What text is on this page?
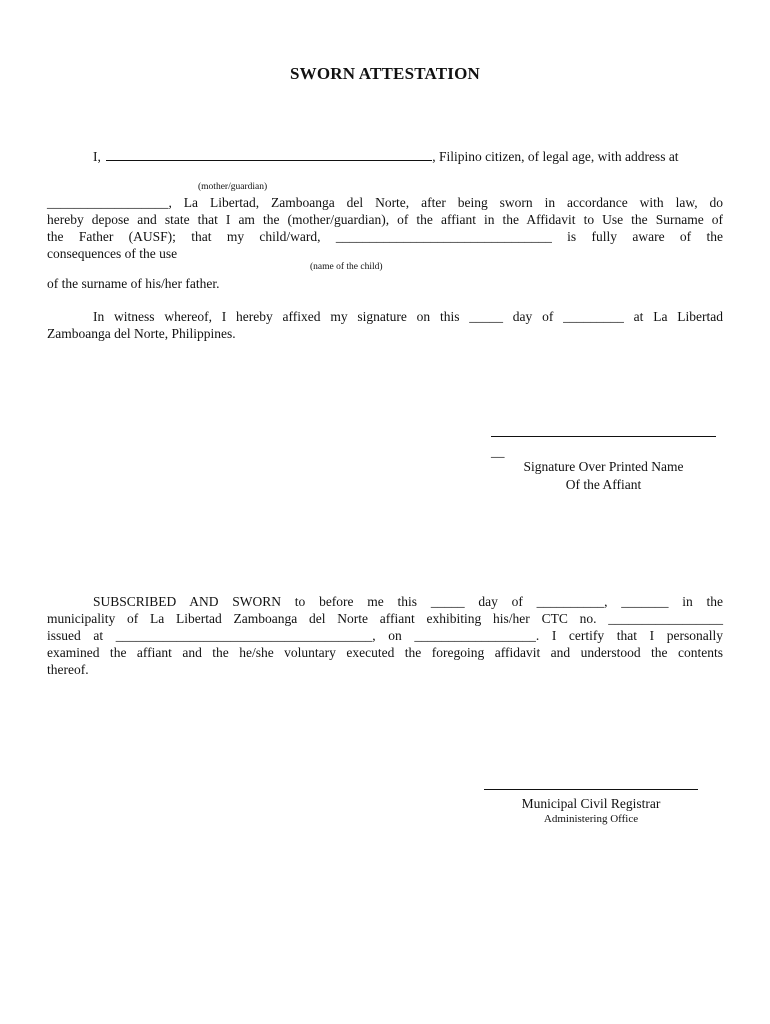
SWORN ATTESTATION
I,	, Filipino citizen, of legal age, with address at
(mother/guardian)
__________________, La Libertad, Zamboanga del Norte, after being sworn in accordance with law, do
hereby depose and state that I am the (mother/guardian), of the affiant in the Affidavit to Use the Surname of
the Father (AUSF); that my child/ward, ________________________________ is fully aware of the
consequences of the use
(name of the child)
of the surname of his/her father.
In witness whereof, I hereby affixed my signature on this _____ day of _________ at La Libertad
Zamboanga del Norte, Philippines.
__
Signature Over Printed Name
Of the Affiant
SUBSCRIBED AND SWORN to before me this _____ day of __________, _______ in the
municipality of La Libertad Zamboanga del Norte affiant exhibiting his/her CTC no. _________________
issued at ______________________________________, on __________________. I certify that I personally
examined the affiant and the he/she voluntary executed the foregoing affidavit and understood the contents
thereof.
Municipal Civil Registrar
Administering Office
